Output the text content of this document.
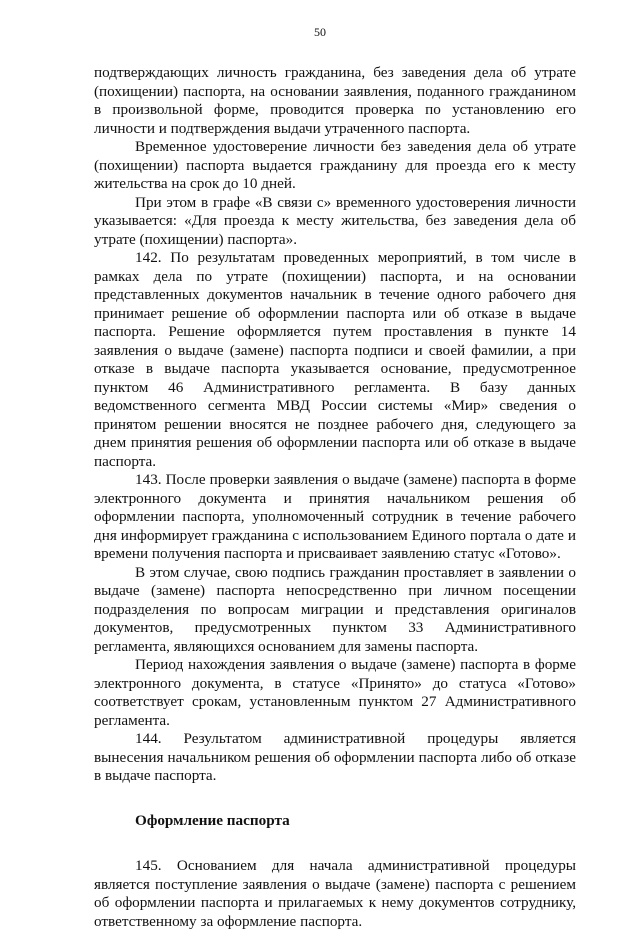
50

подтверждающих личность гражданина, без заведения дела об утрате (похищении) паспорта, на основании заявления, поданного гражданином в произвольной форме, проводится проверка по установлению его личности и подтверждения выдачи утраченного паспорта.

Временное удостоверение личности без заведения дела об утрате (похищении) паспорта выдается гражданину для проезда его к месту жительства на срок до 10 дней.

При этом в графе «В связи с» временного удостоверения личности указывается: «Для проезда к месту жительства, без заведения дела об утрате (похищении) паспорта».

142. По результатам проведенных мероприятий, в том числе в рамках дела по утрате (похищении) паспорта, и на основании представленных документов начальник в течение одного рабочего дня принимает решение об оформлении паспорта или об отказе в выдаче паспорта. Решение оформляется путем проставления в пункте 14 заявления о выдаче (замене) паспорта подписи и своей фамилии, а при отказе в выдаче паспорта указывается основание, предусмотренное пунктом 46 Административного регламента. В базу данных ведомственного сегмента МВД России системы «Мир» сведения о принятом решении вносятся не позднее рабочего дня, следующего за днем принятия решения об оформлении паспорта или об отказе в выдаче паспорта.

143. После проверки заявления о выдаче (замене) паспорта в форме электронного документа и принятия начальником решения об оформлении паспорта, уполномоченный сотрудник в течение рабочего дня информирует гражданина с использованием Единого портала о дате и времени получения паспорта и присваивает заявлению статус «Готово».

В этом случае, свою подпись гражданин проставляет в заявлении о выдаче (замене) паспорта непосредственно при личном посещении подразделения по вопросам миграции и представления оригиналов документов, предусмотренных пунктом 33 Административного регламента, являющихся основанием для замены паспорта.

Период нахождения заявления о выдаче (замене) паспорта в форме электронного документа, в статусе «Принято» до статуса «Готово» соответствует срокам, установленным пунктом 27 Административного регламента.

144. Результатом административной процедуры является вынесения начальником решения об оформлении паспорта либо об отказе в выдаче паспорта.

Оформление паспорта

145. Основанием для начала административной процедуры является поступление заявления о выдаче (замене) паспорта с решением об оформлении паспорта и прилагаемых к нему документов сотруднику, ответственному за оформление паспорта.
